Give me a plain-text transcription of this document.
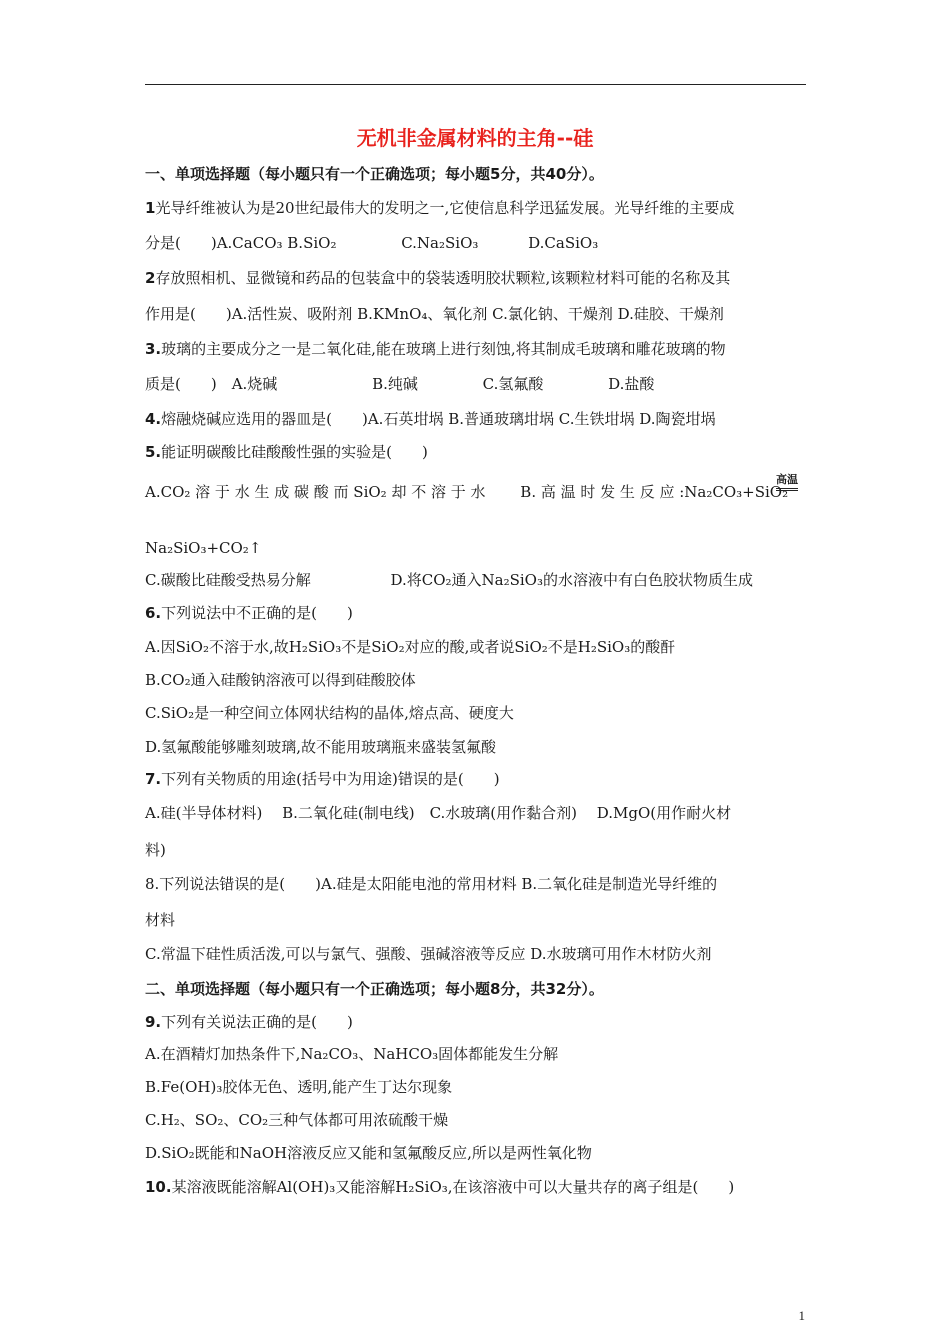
无机非金属材料的主角--硅
一、单项选择题（每小题只有一个正确选项；每小题5分，共40分）。
1光导纤维被认为是20世纪最伟大的发明之一,它使信息科学迅猛发展。光导纤维的主要成
分是(　　)A.CaCO₃ B.SiO₂　　　　 C.Na₂SiO₃　　　 D.CaSiO₃
2存放照相机、显微镜和药品的包装盒中的袋装透明胶状颗粒,该颗粒材料可能的名称及其
作用是(　　)A.活性炭、吸附剂 B.KMnO₄、氧化剂 C.氯化钠、干燥剂 D.硅胶、干燥剂
3.玻璃的主要成分之一是二氧化硅,能在玻璃上进行刻蚀,将其制成毛玻璃和雕花玻璃的物
质是(　　)　A.烧碱　　　　　　 B.纯碱　　　　 C.氢氟酸　　　　 D.盐酸
4.熔融烧碱应选用的器皿是(　　)A.石英坩埚 B.普通玻璃坩埚 C.生铁坩埚 D.陶瓷坩埚
5.能证明碳酸比硅酸酸性强的实验是(　　)
A.CO₂ 溶 于 水 生 成 碳 酸 而 SiO₂ 却 不 溶 于 水　　 B. 高 温 时 发 生 反 应 :Na₂CO₃+SiO₂
Na₂SiO₃+CO₂↑
C.碳酸比硅酸受热易分解　　　　　 D.将CO₂通入Na₂SiO₃的水溶液中有白色胶状物质生成
6.下列说法中不正确的是(　　)
A.因SiO₂不溶于水,故H₂SiO₃不是SiO₂对应的酸,或者说SiO₂不是H₂SiO₃的酸酐
B.CO₂通入硅酸钠溶液可以得到硅酸胶体
C.SiO₂是一种空间立体网状结构的晶体,熔点高、硬度大
D.氢氟酸能够雕刻玻璃,故不能用玻璃瓶来盛装氢氟酸
7.下列有关物质的用途(括号中为用途)错误的是(　　)
A.硅(半导体材料)　 B.二氧化硅(制电线)　C.水玻璃(用作黏合剂)　 D.MgO(用作耐火材
料)
8.下列说法错误的是(　　)A.硅是太阳能电池的常用材料 B.二氧化硅是制造光导纤维的
材料
C.常温下硅性质活泼,可以与氯气、强酸、强碱溶液等反应 D.水玻璃可用作木材防火剂
高温
二、单项选择题（每小题只有一个正确选项；每小题8分，共32分）。
9.下列有关说法正确的是(　　)
A.在酒精灯加热条件下,Na₂CO₃、NaHCO₃固体都能发生分解
B.Fe(OH)₃胶体无色、透明,能产生丁达尔现象
C.H₂、SO₂、CO₂三种气体都可用浓硫酸干燥
D.SiO₂既能和NaOH溶液反应又能和氢氟酸反应,所以是两性氧化物
10.某溶液既能溶解Al(OH)₃又能溶解H₂SiO₃,在该溶液中可以大量共存的离子组是(　　)
1
